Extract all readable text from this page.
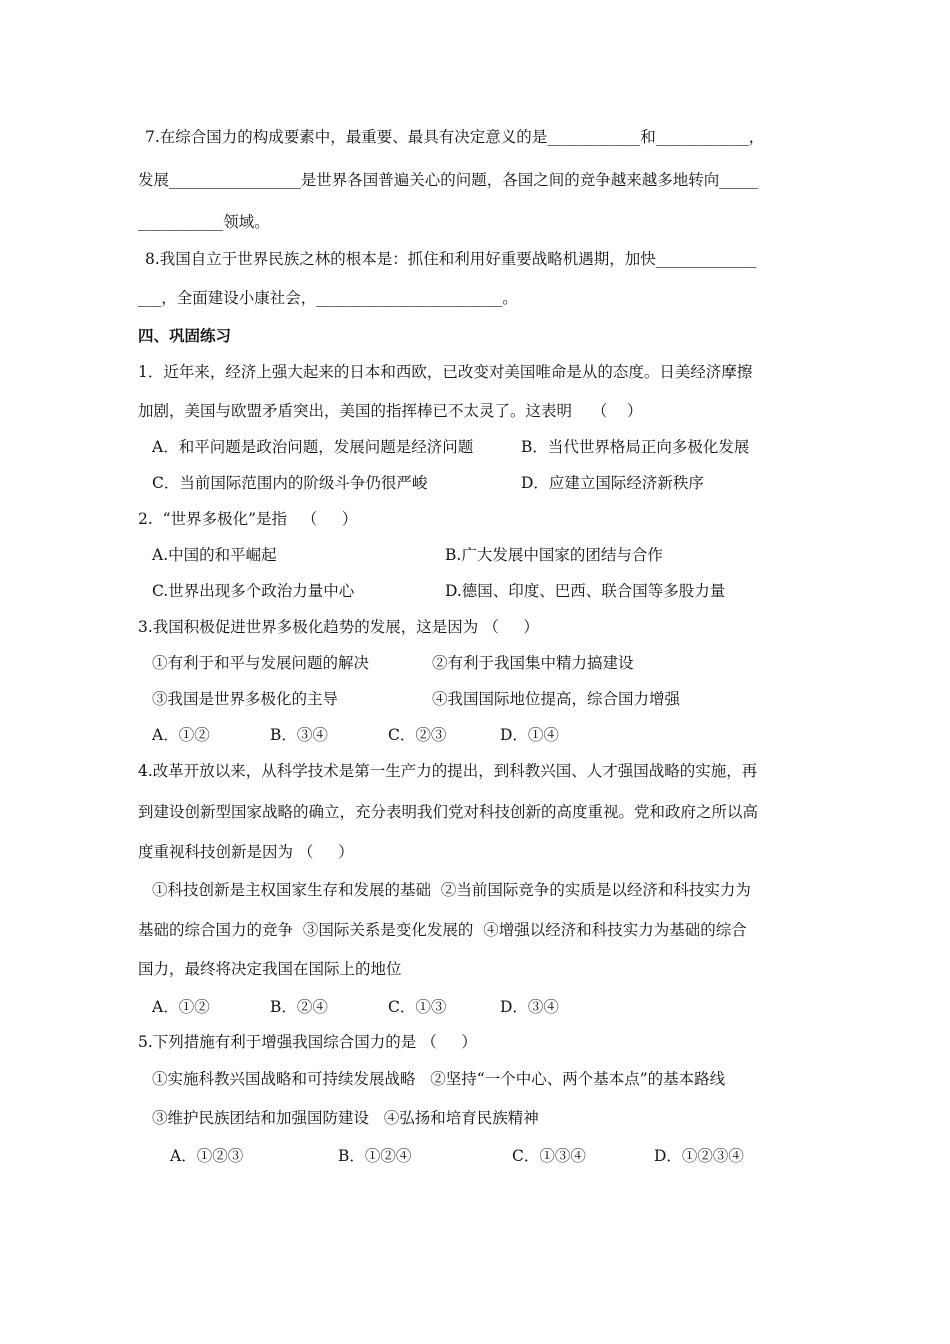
7.在综合国力的构成要素中，最重要、最具有决定意义的是____________和____________，
发展_________________是世界各国普遍关心的问题，各国之间的竞争越来越多地转向_____
___________领域。
8.我国自立于世界民族之林的根本是：抓住和利用好重要战略机遇期，加快_____________
___，全面建设小康社会，________________________。
四、巩固练习
1．近年来，经济上强大起来的日本和西欧，已改变对美国唯命是从的态度。日美经济摩擦
加剧，美国与欧盟矛盾突出，美国的指挥棒已不太灵了。这表明    （    ）
A．和平问题是政治问题，发展问题是经济问题	B．当代世界格局正向多极化发展
C．当前国际范围内的阶级斗争仍很严峻	D．应建立国际经济新秩序
2.  “世界多极化”是指   （     ）
A.中国的和平崛起	B.广大发展中国家的团结与合作
C.世界出现多个政治力量中心	D.德国、印度、巴西、联合国等多股力量
3.我国积极促进世界多极化趋势的发展，这是因为 （     ）
①有利于和平与发展问题的解决	②有利于我国集中精力搞建设
③我国是世界多极化的主导	④我国国际地位提高，综合国力增强
A．①②	B．③④	C．②③	D．①④
4.改革开放以来，从科学技术是第一生产力的提出，到科教兴国、人才强国战略的实施，再
到建设创新型国家战略的确立，充分表明我们党对科技创新的高度重视。党和政府之所以高
度重视科技创新是因为 （     ）
①科技创新是主权国家生存和发展的基础  ②当前国际竞争的实质是以经济和科技实力为
基础的综合国力的竞争  ③国际关系是变化发展的  ④增强以经济和科技实力为基础的综合
国力，最终将决定我国在国际上的地位
A．①②	B．②④	C．①③	D．③④
5.下列措施有利于增强我国综合国力的是 （     ）
①实施科教兴国战略和可持续发展战略   ②坚持“一个中心、两个基本点”的基本路线
③维护民族团结和加强国防建设   ④弘扬和培育民族精神
A．①②③	B．①②④	C．①③④	D．①②③④
